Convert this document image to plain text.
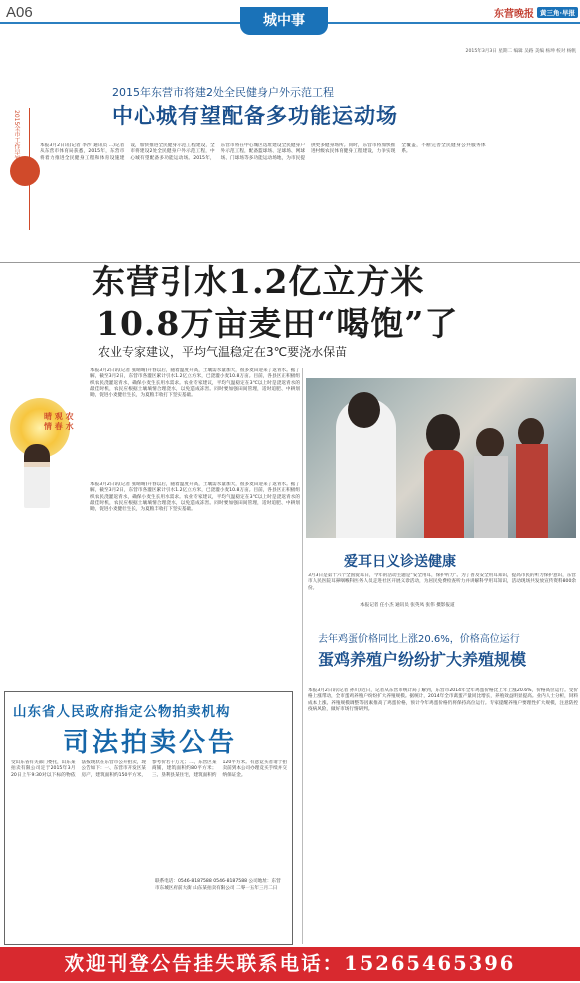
A06	城中事	东营晚报 黄三角·早报
2015年3月3日 星期二 编辑 吴路 美编 杨坤 校对 杨帆
2015年东营市将建2处全民健身户外示范工程
中心城有望配备多功能运动场
2015全市工作早知道	本报3月2日讯(记者 李沙 通讯员 ...)记者从东营市体育局获悉，2015年，东营市将着力推进全民健身工程和体育设施建设，加快推进全民健身示范工程建设，全市将建设2处全民健身户外示范工程，中心城有望配备多功能运动场。2015年，东营市将在中心城区选址建设全民健身户外示范工程，配备篮球场、足球场、网球场、门球场等多功能运动场地，为市民提供更多健身场所。同时，东营市将加快推进村级农民体育健身工程建设，力争实现全覆盖，不断完善全民健身公共服务体系。
东营引水1.2亿立方米
10.8万亩麦田“喝饱”了
农业专家建议，平均气温稳定在3℃要浇水保苗
晴 观 农 情 春 水
本报3月2日讯(记者 张晴晴)开春以后，随着温度升高，土壤需水量加大，很多麦田迎来了返青水。据了解，截至3月2日，东营市各灌区累计引水1.2亿立方米，已浇灌小麦10.8万亩。目前，各县区正积极组织农民浇灌返青水，确保小麦生长用水需求。农业专家建议，平均气温稳定在3℃以上时是浇返青水的最佳时机，农民应根据土壤墒情合理浇水，以免造成冻害。同时要加强田间管理，适时追肥、中耕划锄，促进小麦健壮生长，为夏粮丰收打下坚实基础。
本报3月2日讯(记者 张晴晴)开春以后，随着温度升高，土壤需水量加大，很多麦田迎来了返青水。据了解，截至3月2日，东营市各灌区累计引水1.2亿立方米，已浇灌小麦10.8万亩。目前，各县区正积极组织农民浇灌返青水，确保小麦生长用水需求。农业专家建议，平均气温稳定在3℃以上时是浇返青水的最佳时机，农民应根据土壤墒情合理浇水，以免造成冻害。同时要加强田间管理，适时追肥、中耕划锄，促进小麦健壮生长，为夏粮丰收打下坚实基础。
爱耳日义诊送健康
3月3日是第十六个全国爱耳日，今年的活动主题是“安全用耳，保护听力”。为了普及安全用耳知识，提高市民的听力保护意识，东营市人民医院耳鼻咽喉科医务人员走进社区开展义诊活动，为居民免费检查听力并讲解科学用耳知识，活动现场共发放宣传资料800余份。
本报记者 任小杰 通讯员 张英凤 张伟 摄影报道
去年鸡蛋价格同比上涨20.6%，价格高位运行
蛋鸡养殖户纷纷扩大养殖规模
本报3月2日讯(记者 孙川)近日，记者从东营市统计局了解到，东营市2014年全年鸡蛋价格比上年上涨20.6%，价格高位运行。受价格上涨带动，全市蛋鸡养殖户纷纷扩大养殖规模。据统计，2014年全市禽蛋产量同比增长，养殖效益明显提高。业内人士分析，饲料成本上涨、养殖规模调整等因素推高了鸡蛋价格，预计今年鸡蛋价格仍将保持高位运行。专家提醒养殖户要理性扩大规模，注意防控疫病风险，做好市场行情研判。
山东省人民政府指定公物拍卖机构
司法拍卖公告
受山东省有关部门委托，山东某拍卖有限公司定于2015年3月20日上午9:30对以下标的物依法按现状在东营市公开拍卖，现公告如下：一、东营市开发区某房产，建筑面积约150平方米，参考价若干万元；二、东营区某商铺，建筑面积约80平方米；三、垦利县某住宅，建筑面积约120平方米。有意竞买者请于拍卖前到本公司办理竞买手续并交纳保证金。
联系电话：0546-8187588 0546-8187588 公司地址：东营市东城区府前大街 山东某拍卖有限公司 二零一五年三月二日
欢迎刊登公告挂失联系电话：15265465396
